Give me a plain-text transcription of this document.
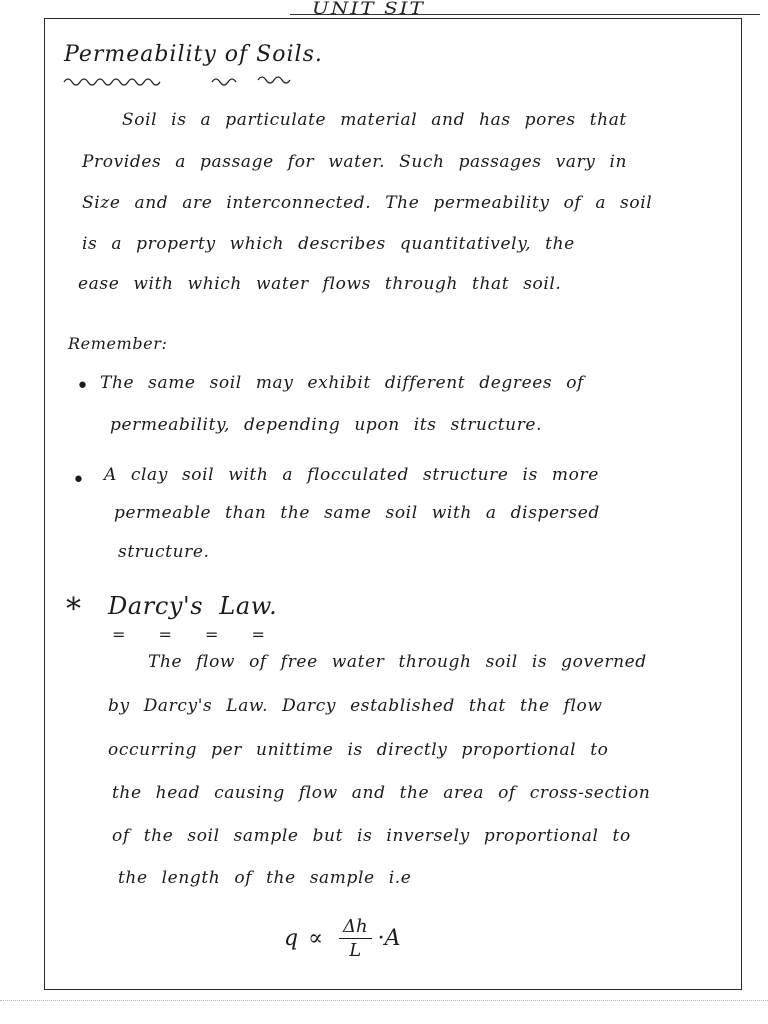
UNIT SIT
Permeability of Soils.
Soil is a particulate material and has pores that
Provides a passage for water. Such passages vary in
Size and are interconnected. The permeability of a soil
is a property which describes quantitatively, the
ease with which water flows through that soil.
Remember:
• The same soil may exhibit different degrees of
permeability, depending upon its structure.
• A clay soil with a flocculated structure is more
permeable than the same soil with a dispersed
structure.
* Darcy's Law.
= = = =
The flow of free water through soil is governed
by Darcy's Law. Darcy established that the flow
occurring per unittime is directly proportional to
the head causing flow and the area of cross-section
of the soil sample but is inversely proportional to
the length of the sample i.e
$q \propto \frac{\Delta h}{L} \cdot A$
